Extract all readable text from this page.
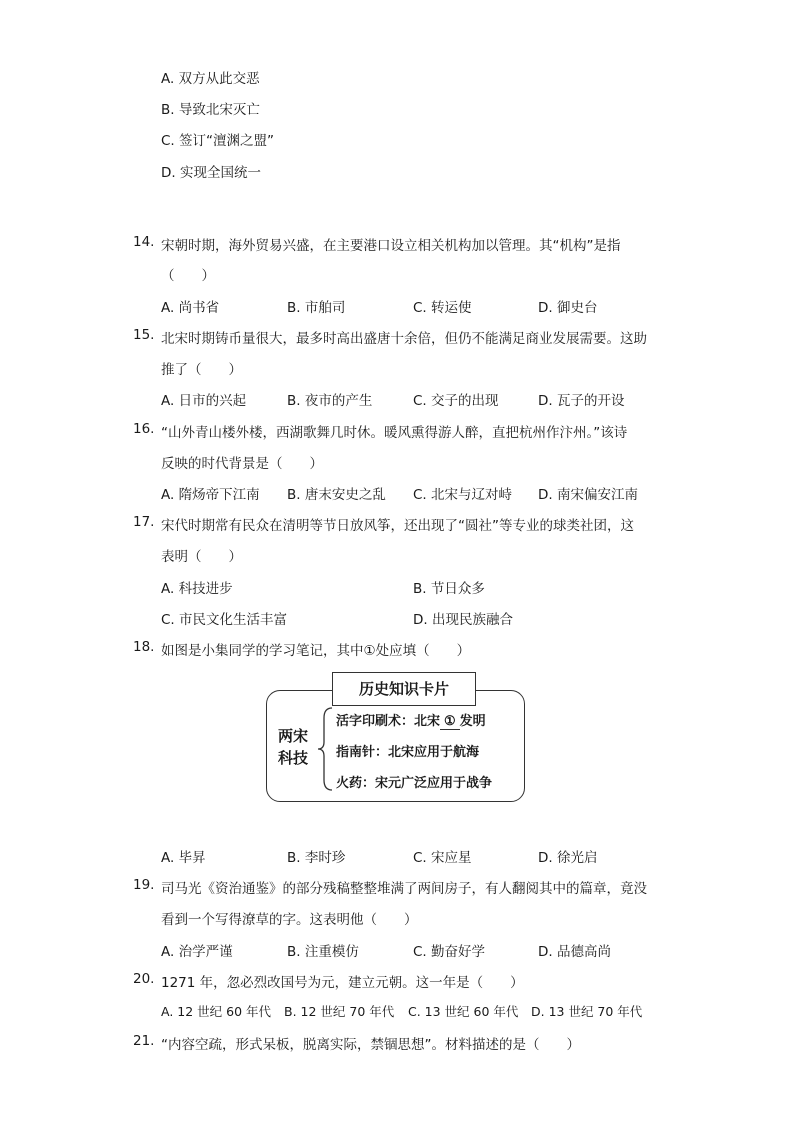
A. 双方从此交恶
B. 导致北宋灭亡
C. 签订“澶渊之盟”
D. 实现全国统一
14. 宋朝时期，海外贸易兴盛，在主要港口设立相关机构加以管理。其“机构”是指
（　　）
A. 尚书省	B. 市舶司	C. 转运使	D. 御史台
15. 北宋时期铸币量很大，最多时高出盛唐十余倍，但仍不能满足商业发展需要。这助
推了（　　）
A. 日市的兴起	B. 夜市的产生	C. 交子的出现	D. 瓦子的开设
16. “山外青山楼外楼，西湖歌舞几时休。暖风熏得游人醉，直把杭州作汴州。”该诗
反映的时代背景是（　　）
A. 隋炀帝下江南 B. 唐末安史之乱 C. 北宋与辽对峙 D. 南宋偏安江南
17. 宋代时期常有民众在清明等节日放风筝，还出现了“圆社”等专业的球类社团，这
表明（　　）
A. 科技进步	B. 节日众多
C. 市民文化生活丰富	D. 出现民族融合
18. 如图是小集同学的学习笔记，其中①处应填（　　）
历史知识卡片
两宋
科技
活字印刷术：北宋 ① 发明
指南针：北宋应用于航海
火药：宋元广泛应用于战争
A. 毕昇	B. 李时珍	C. 宋应星	D. 徐光启
19. 司马光《资治通鉴》的部分残稿整整堆满了两间房子，有人翻阅其中的篇章，竟没
看到一个写得潦草的字。这表明他（　　）
A. 治学严谨	B. 注重模仿	C. 勤奋好学	D. 品德高尚
20. 1271 年，忽必烈改国号为元，建立元朝。这一年是（　　）
A. 12 世纪 60 年代 B. 12 世纪 70 年代 C. 13 世纪 60 年代 D. 13 世纪 70 年代
21. “内容空疏，形式呆板，脱离实际，禁锢思想”。材料描述的是（　　）
